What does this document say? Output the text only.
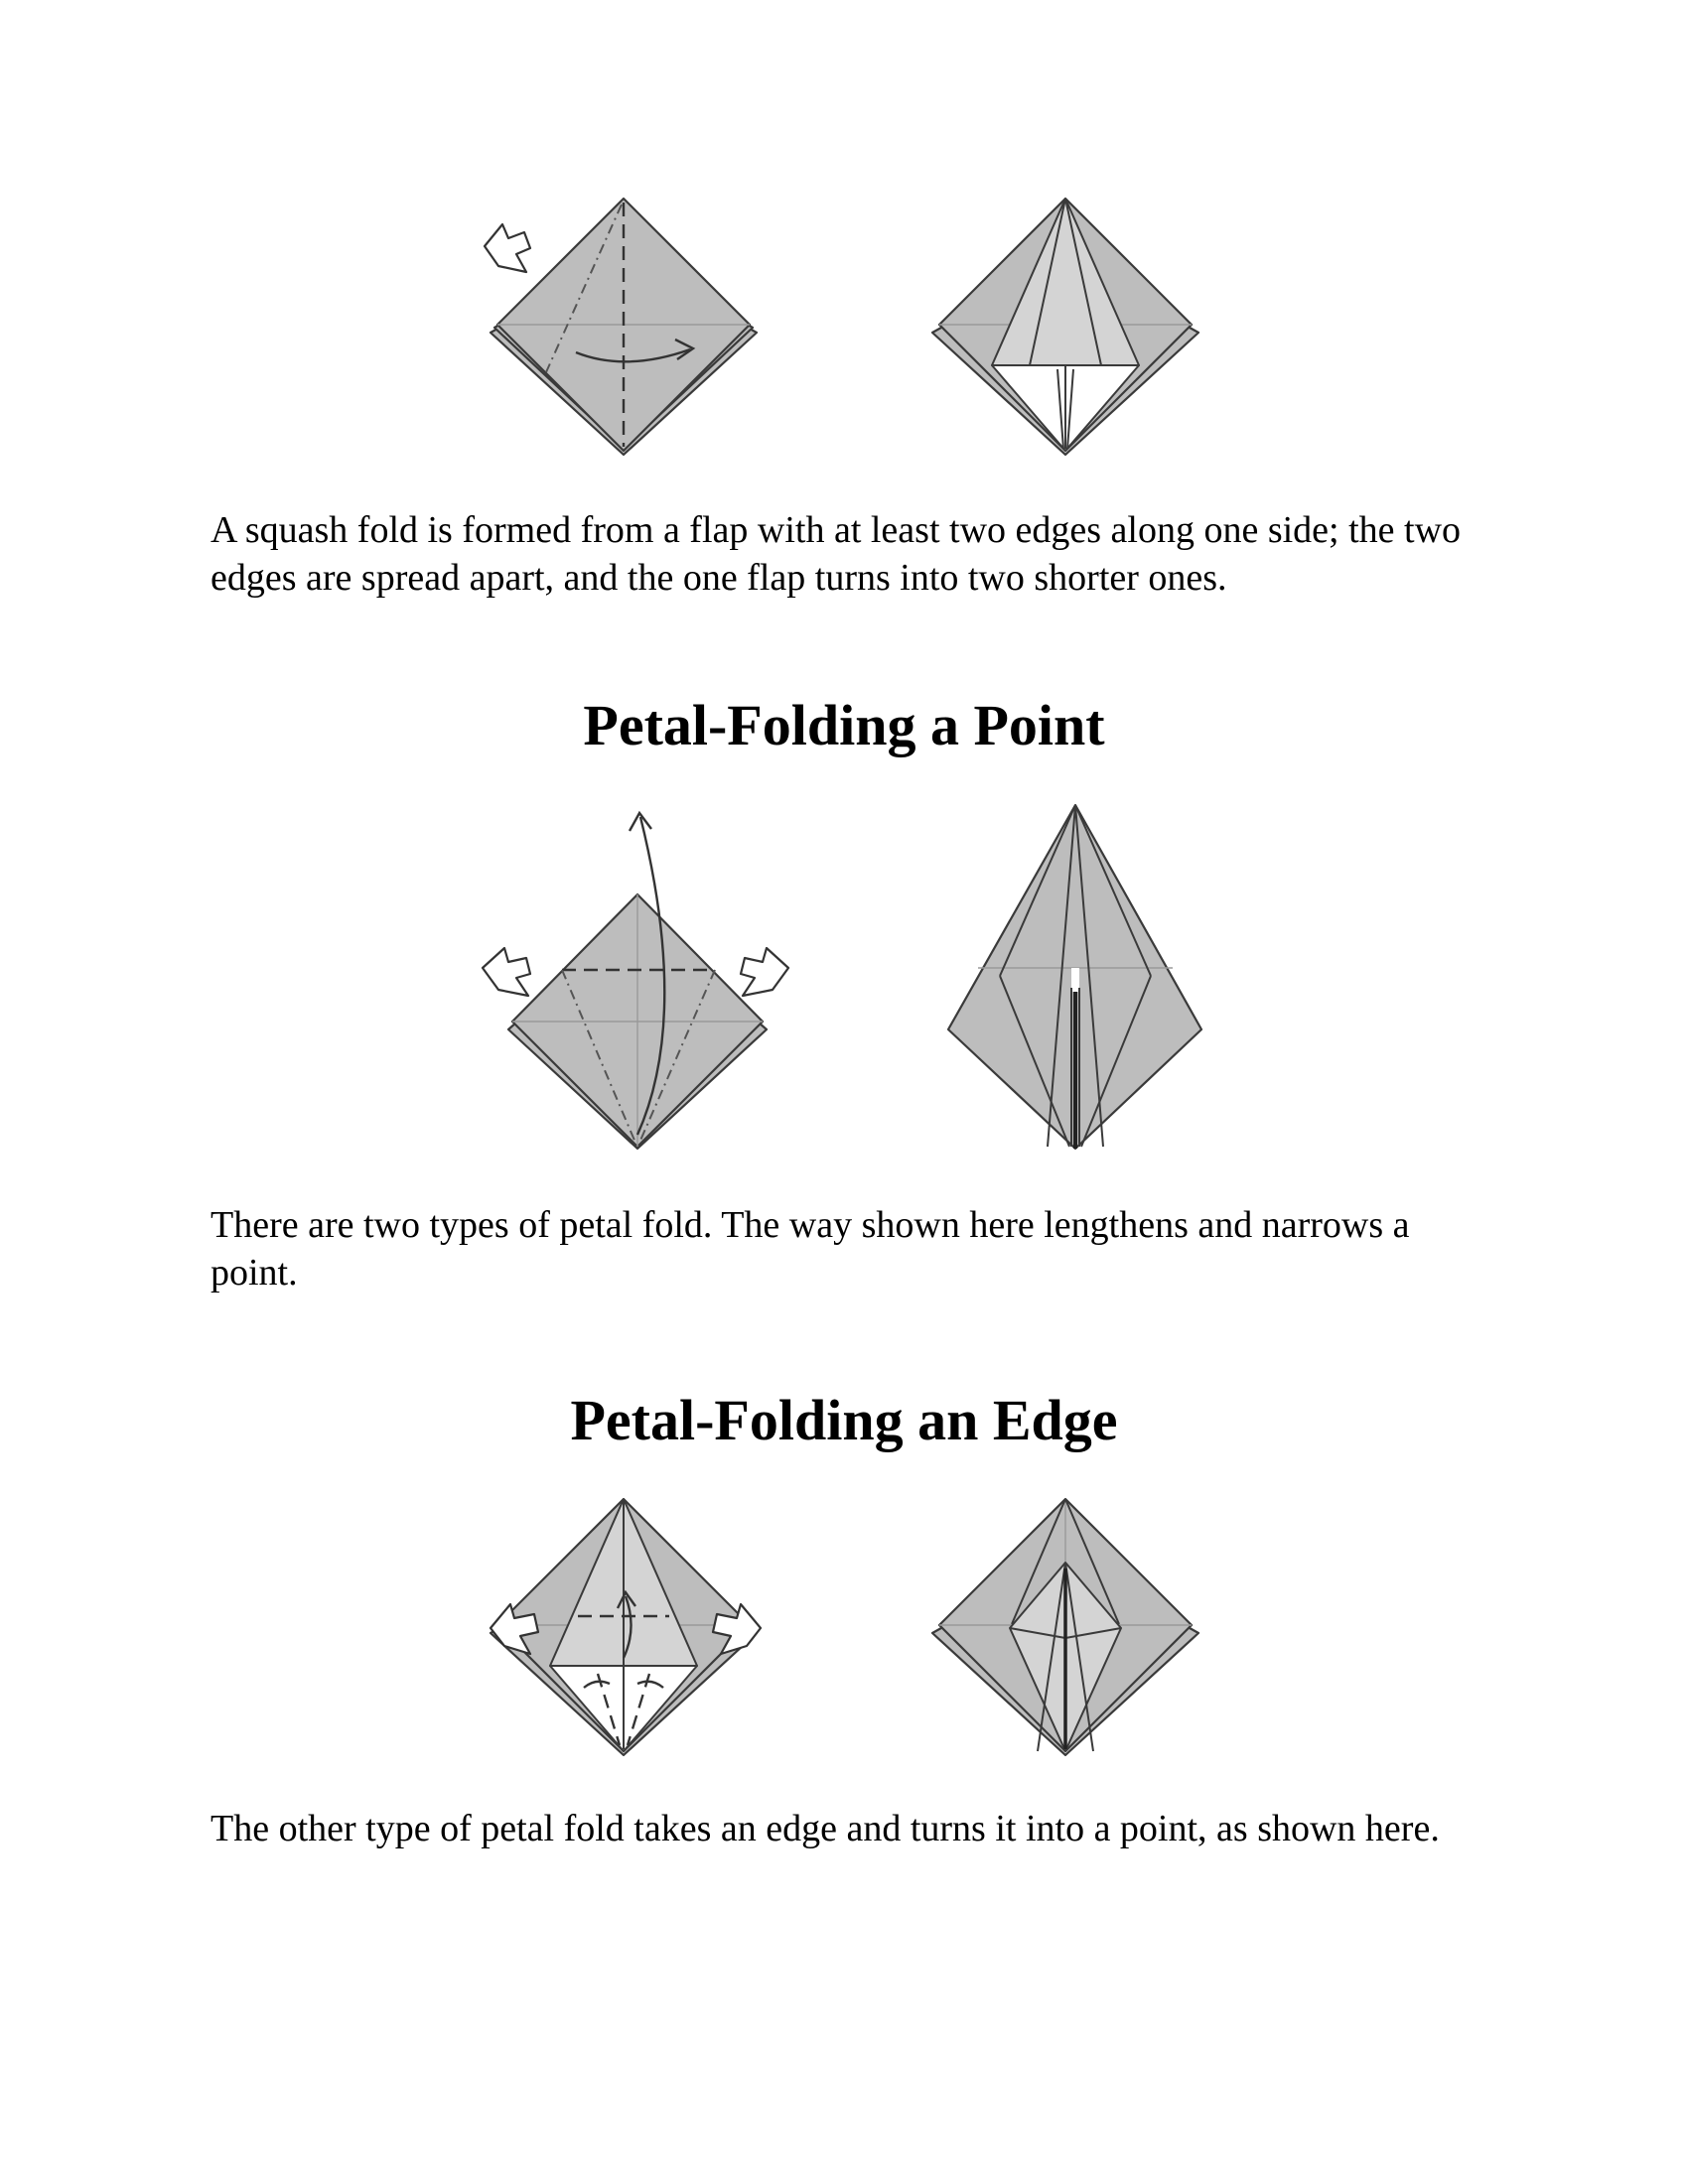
A squash fold is formed from a flap with at least two edges along one side; the two edges are spread apart, and the one flap turns into two shorter ones.

Petal-Folding a Point

There are two types of petal fold. The way shown here lengthens and narrows a point.

Petal-Folding an Edge

The other type of petal fold takes an edge and turns it into a point, as shown here.
